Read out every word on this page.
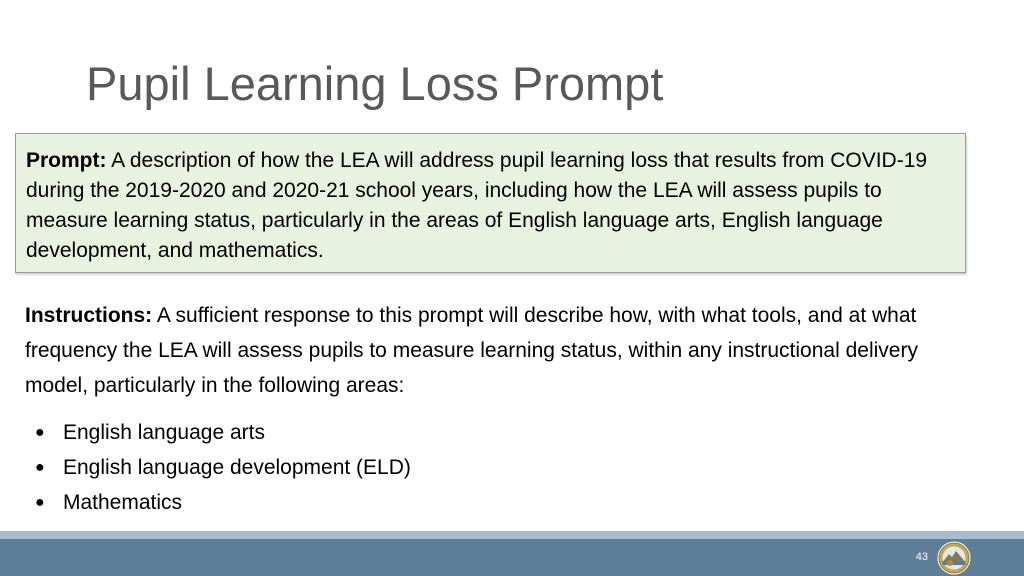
Pupil Learning Loss Prompt
Prompt: A description of how the LEA will address pupil learning loss that results from COVID-19 during the 2019-2020 and 2020-21 school years, including how the LEA will assess pupils to measure learning status, particularly in the areas of English language arts, English language development, and mathematics.
Instructions: A sufficient response to this prompt will describe how, with what tools, and at what frequency the LEA will assess pupils to measure learning status, within any instructional delivery model, particularly in the following areas:
● English language arts
● English language development (ELD)
● Mathematics
43
